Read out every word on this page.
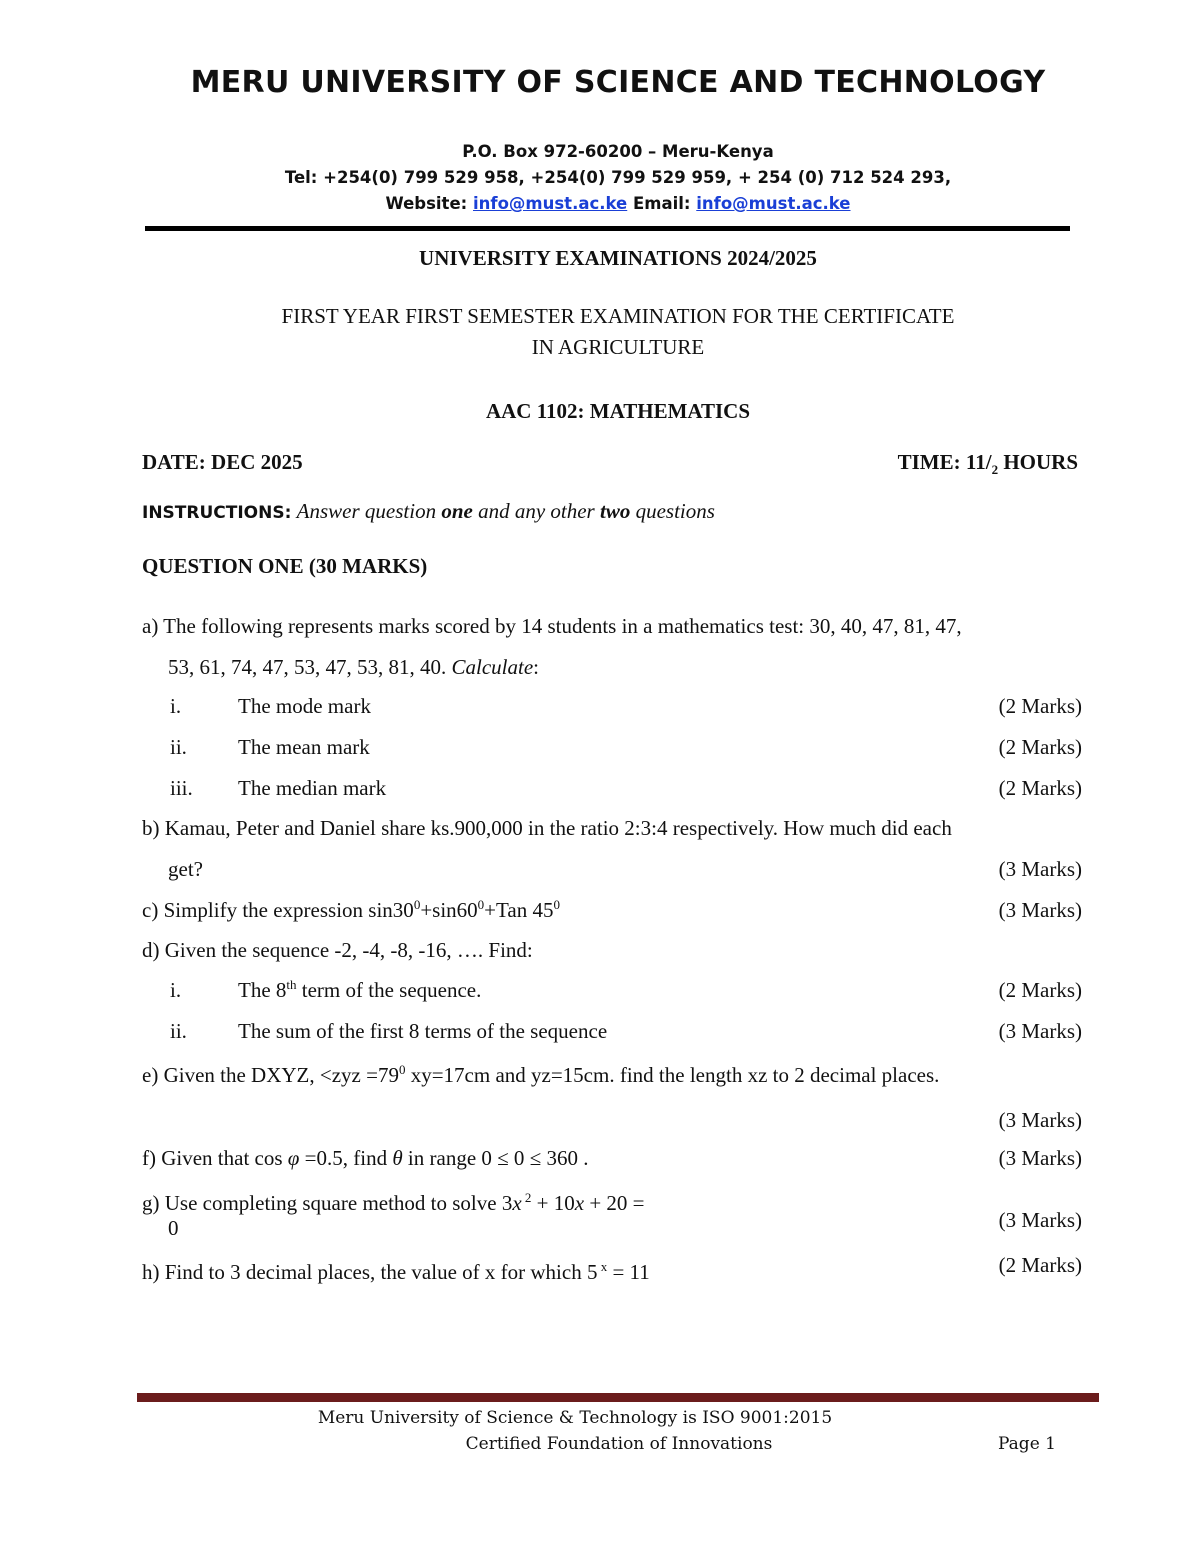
MERU UNIVERSITY OF SCIENCE AND TECHNOLOGY
P.O. Box 972-60200 – Meru-Kenya
Tel: +254(0) 799 529 958, +254(0) 799 529 959, + 254 (0) 712 524 293,
Website: info@must.ac.ke Email: info@must.ac.ke
UNIVERSITY EXAMINATIONS 2024/2025
FIRST YEAR FIRST SEMESTER EXAMINATION FOR THE CERTIFICATE
IN AGRICULTURE
AAC 1102: MATHEMATICS
DATE: DEC 2025	TIME: $11/_2$ HOURS
INSTRUCTIONS: Answer question one and any other two questions
QUESTION ONE (30 MARKS)
a) The following represents marks scored by 14 students in a mathematics test: 30, 40, 47, 81, 47,
53, 61, 74, 47, 53, 47, 53, 81, 40. Calculate:
i.	The mode mark	(2 Marks)
ii. The mean mark	(2 Marks)
iii. The median mark	(2 Marks)
b) Kamau, Peter and Daniel share ks.900,000 in the ratio 2:3:4 respectively. How much did each
get?	(3 Marks)
c) Simplify the expression $\sin 30^0+\sin 60^0+Tan$ $45^0$	(3 Marks)
d) Given the sequence -2, -4, -8, -16, …. Find:
i.	The 8th term of the sequence.	(2 Marks)
ii. The sum of the first 8 terms of the sequence	(3 Marks)
e) Given the DXYZ, $<zyz =79^0$ xy=17cm and yz=15cm. find the length xz to 2 decimal places.
(3 Marks)
f) Given that cos φ =0.5, find θ in range 0 ≤ 0 ≤ 360 .	(3 Marks)
g) Use completing square method to solve 3x $^2$ + 10x + 20 =
0	(3 Marks)
h) Find to 3 decimal places, the value of x for which 5 $^x$ = 11	(2 Marks)
Meru University of Science & Technology is ISO 9001:2015
Certified Foundation of Innovations	Page 1
